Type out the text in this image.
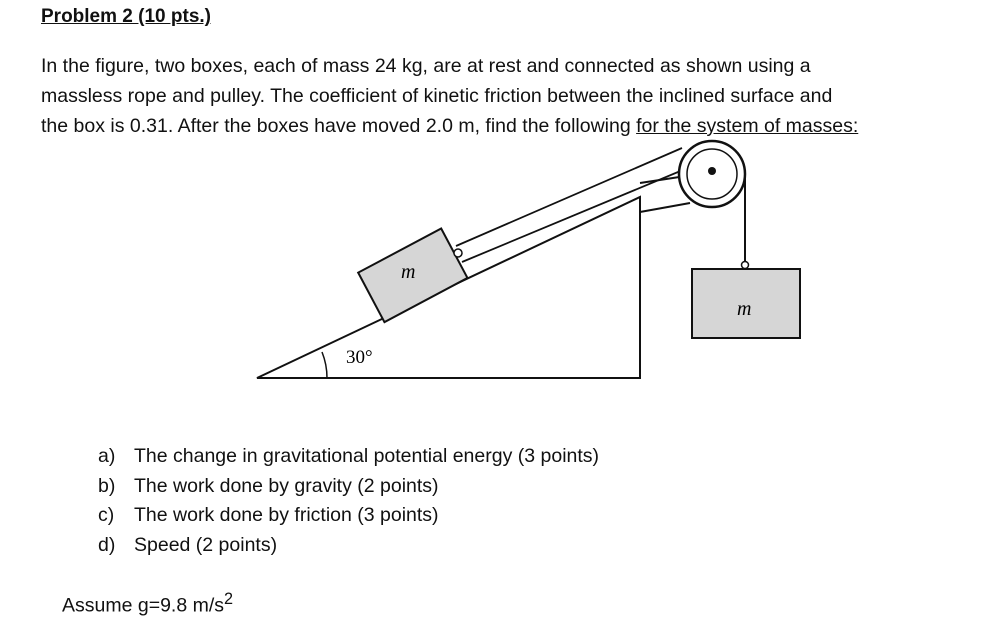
Problem 2 (10 pts.)
In the figure, two boxes, each of mass 24 kg, are at rest and connected as shown using a
massless rope and pulley. The coefficient of kinetic friction between the inclined surface and
the box is 0.31. After the boxes have moved 2.0 m, find the following for the system of masses:
30°
m
m
a) The change in gravitational potential energy (3 points)
b) The work done by gravity (2 points)
c) The work done by friction (3 points)
d) Speed (2 points)
Assume g=9.8 $m/s^2$
